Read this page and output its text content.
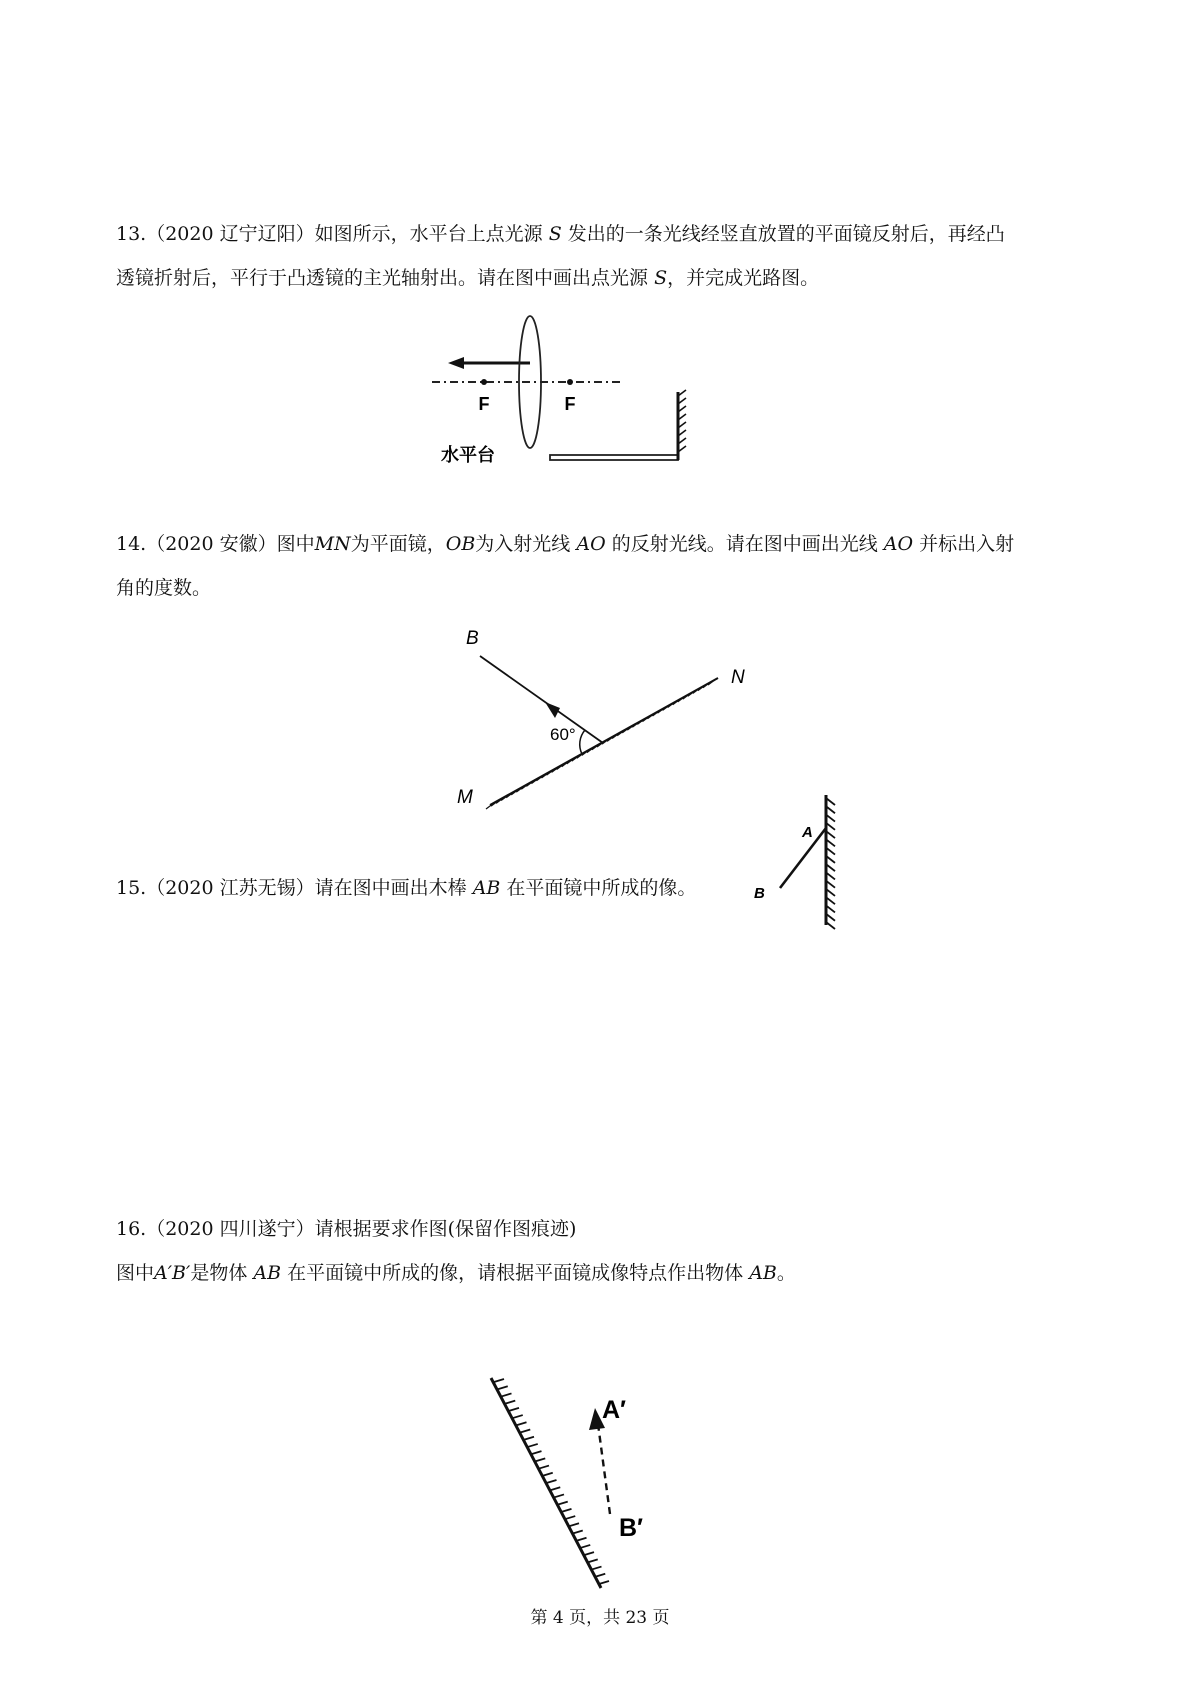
13.（2020 辽宁辽阳）如图所示，水平台上点光源 S 发出的一条光线经竖直放置的平面镜反射后，再经凸

透镜折射后，平行于凸透镜的主光轴射出。请在图中画出点光源 S，并完成光路图。

F	F
水平台

14.（2020 安徽）图中MN为平面镜，OB为入射光线 AO 的反射光线。请在图中画出光线 AO 并标出入射

角的度数。

B
N
M
60°

15.（2020 江苏无锡）请在图中画出木棒 AB 在平面镜中所成的像。

A
B

16.（2020 四川遂宁）请根据要求作图(保留作图痕迹)

图中A′B′是物体 AB 在平面镜中所成的像，请根据平面镜成像特点作出物体 AB。

A′
B′
第 4 页，共 23 页
